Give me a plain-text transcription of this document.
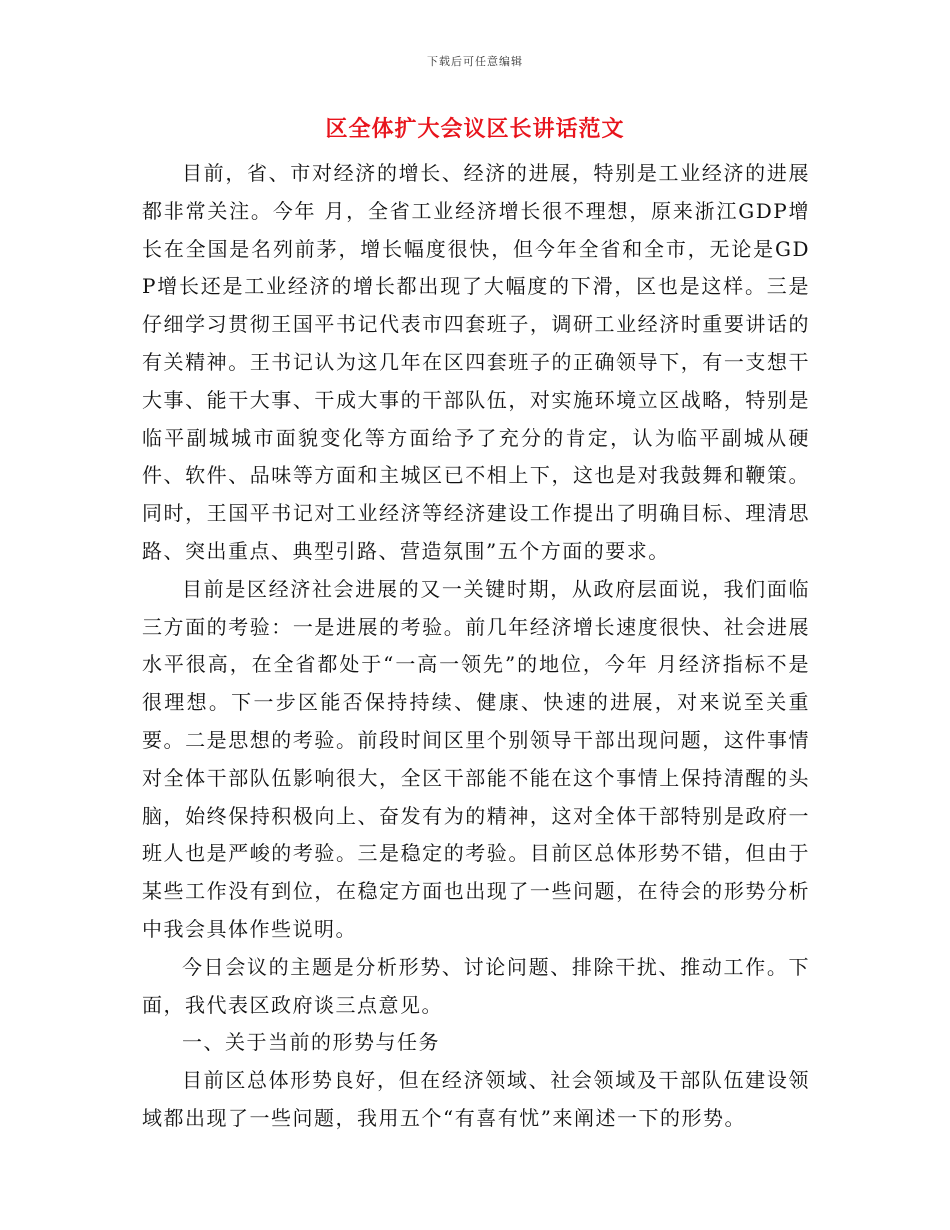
下载后可任意编辑
区全体扩大会议区长讲话范文

目前，省、市对经济的增长、经济的进展，特别是工业经济的进展都非常关注。今年 月，全省工业经济增长很不理想，原来浙江GDP增长在全国是名列前茅，增长幅度很快，但今年全省和全市，无论是GDP增长还是工业经济的增长都出现了大幅度的下滑，区也是这样。三是仔细学习贯彻王国平书记代表市四套班子，调研工业经济时重要讲话的有关精神。王书记认为这几年在区四套班子的正确领导下，有一支想干大事、能干大事、干成大事的干部队伍，对实施环境立区战略，特别是临平副城城市面貌变化等方面给予了充分的肯定，认为临平副城从硬件、软件、品味等方面和主城区已不相上下，这也是对我鼓舞和鞭策。同时，王国平书记对工业经济等经济建设工作提出了明确目标、理清思路、突出重点、典型引路、营造氛围”五个方面的要求。

目前是区经济社会进展的又一关键时期，从政府层面说，我们面临三方面的考验：一是进展的考验。前几年经济增长速度很快、社会进展水平很高，在全省都处于“一高一领先”的地位，今年 月经济指标不是很理想。下一步区能否保持持续、健康、快速的进展，对来说至关重要。二是思想的考验。前段时间区里个别领导干部出现问题，这件事情对全体干部队伍影响很大，全区干部能不能在这个事情上保持清醒的头脑，始终保持积极向上、奋发有为的精神，这对全体干部特别是政府一班人也是严峻的考验。三是稳定的考验。目前区总体形势不错，但由于某些工作没有到位，在稳定方面也出现了一些问题，在待会的形势分析中我会具体作些说明。

今日会议的主题是分析形势、讨论问题、排除干扰、推动工作。下面，我代表区政府谈三点意见。

一、关于当前的形势与任务

目前区总体形势良好，但在经济领域、社会领域及干部队伍建设领域都出现了一些问题，我用五个“有喜有忧”来阐述一下的形势。
